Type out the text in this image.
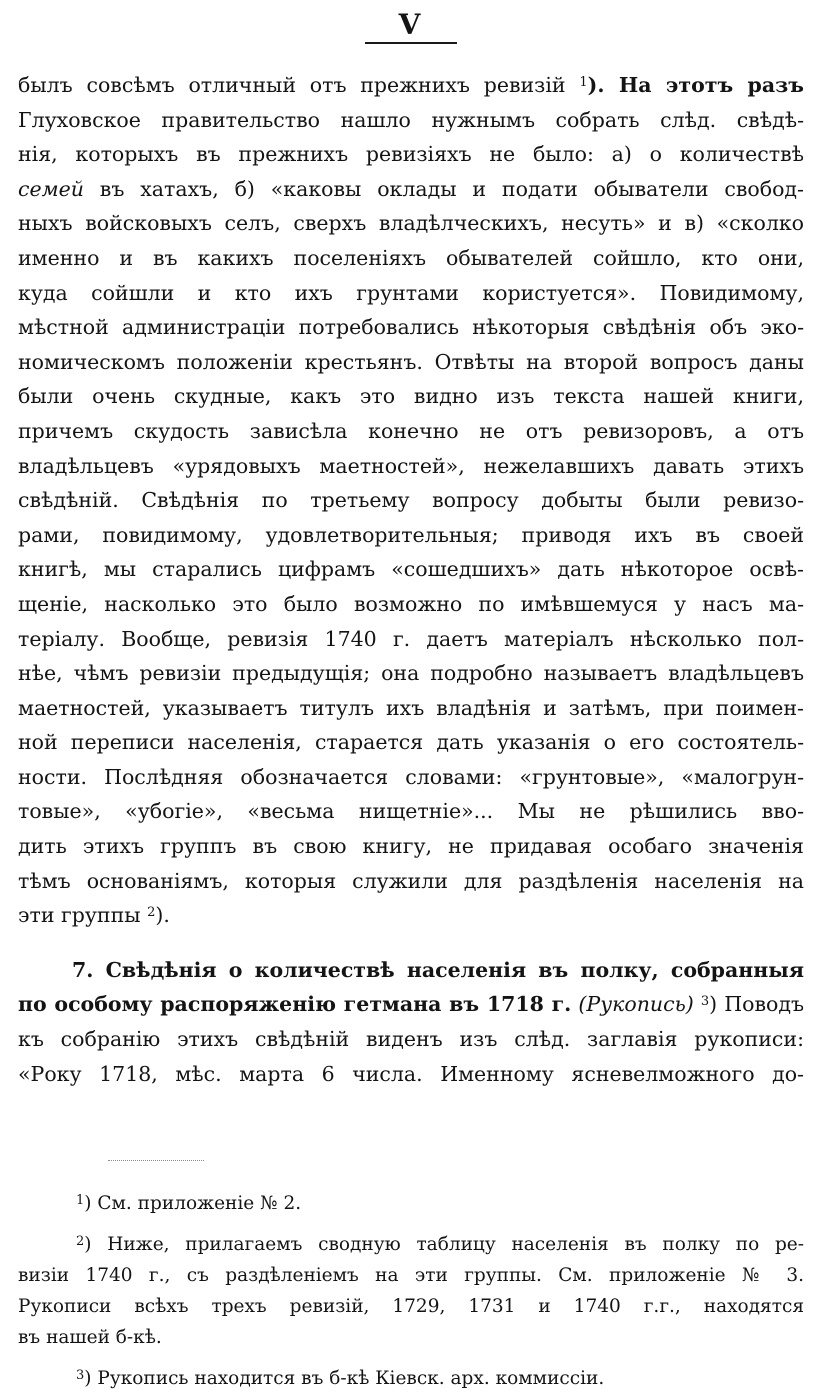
V
былъ совсѣмъ отличный отъ прежнихъ ревизій $^1$). На этотъ разъ
Глуховское правительство нашло нужнымъ собрать слѣд. свѣдѣ-
нія, которыхъ въ прежнихъ ревизіяхъ не было: а) о количествѣ
семей въ хатахъ, б) «каковы оклады и подати обыватели свобод-
ныхъ войсковыхъ селъ, сверхъ владѣлческихъ, несуть» и в) «сколко
именно и въ какихъ поселеніяхъ обывателей сойшло, кто они,
куда сойшли и кто ихъ грунтами користуется». Повидимому,
мѣстной администраціи потребовались нѣкоторыя свѣдѣнія объ эко-
номическомъ положеніи крестьянъ. Отвѣты на второй вопросъ даны
были очень скудные, какъ это видно изъ текста нашей книги,
причемъ скудость зависѣла конечно не отъ ревизоровъ, а отъ
владѣльцевъ «урядовыхъ маетностей», нежелавшихъ давать этихъ
свѣдѣній. Свѣдѣнія по третьему вопросу добыты были ревизо-
рами, повидимому, удовлетворительныя; приводя ихъ въ своей
книгѣ, мы старались цифрамъ «сошедшихъ» дать нѣкоторое освѣ-
щеніе, насколько это было возможно по имѣвшемуся у насъ ма-
теріалу. Вообще, ревизія 1740 г. даетъ матеріалъ нѣсколько пол-
нѣе, чѣмъ ревизіи предыдущія; она подробно называетъ владѣльцевъ
маетностей, указываетъ титулъ ихъ владѣнія и затѣмъ, при поимен-
ной переписи населенія, старается дать указанія о его состоятель-
ности. Послѣдняя обозначается словами: «грунтовые», «малогрун-
товые», «убогіе», «весьма нищетніе»... Мы не рѣшились вво-
дить этихъ группъ въ свою книгу, не придавая особаго значенія
тѣмъ основаніямъ, которыя служили для раздѣленія населенія на
эти группы $^2$).
7. Свѣдѣнія о количествѣ населенія въ полку, собранныя
по особому распоряженію гетмана въ 1718 г. (Рукопись) $^3$) Поводъ
къ собранію этихъ свѣдѣній виденъ изъ слѣд. заглавія рукописи:
«Року 1718, мѣс. марта 6 числа. Именному ясневелможного до-
$^1$) См. приложеніе № 2.
$^2$) Ниже, прилагаемъ сводную таблицу населенія въ полку по ре-
визіи 1740 г., съ раздѣленіемъ на эти группы. См. приложеніе № 3.
Рукописи всѣхъ трехъ ревизій, 1729, 1731 и 1740 г.г., находятся
въ нашей б-кѣ.
$^3$) Рукопись находится въ б-кѣ Кіевск. арх. коммиссіи.
